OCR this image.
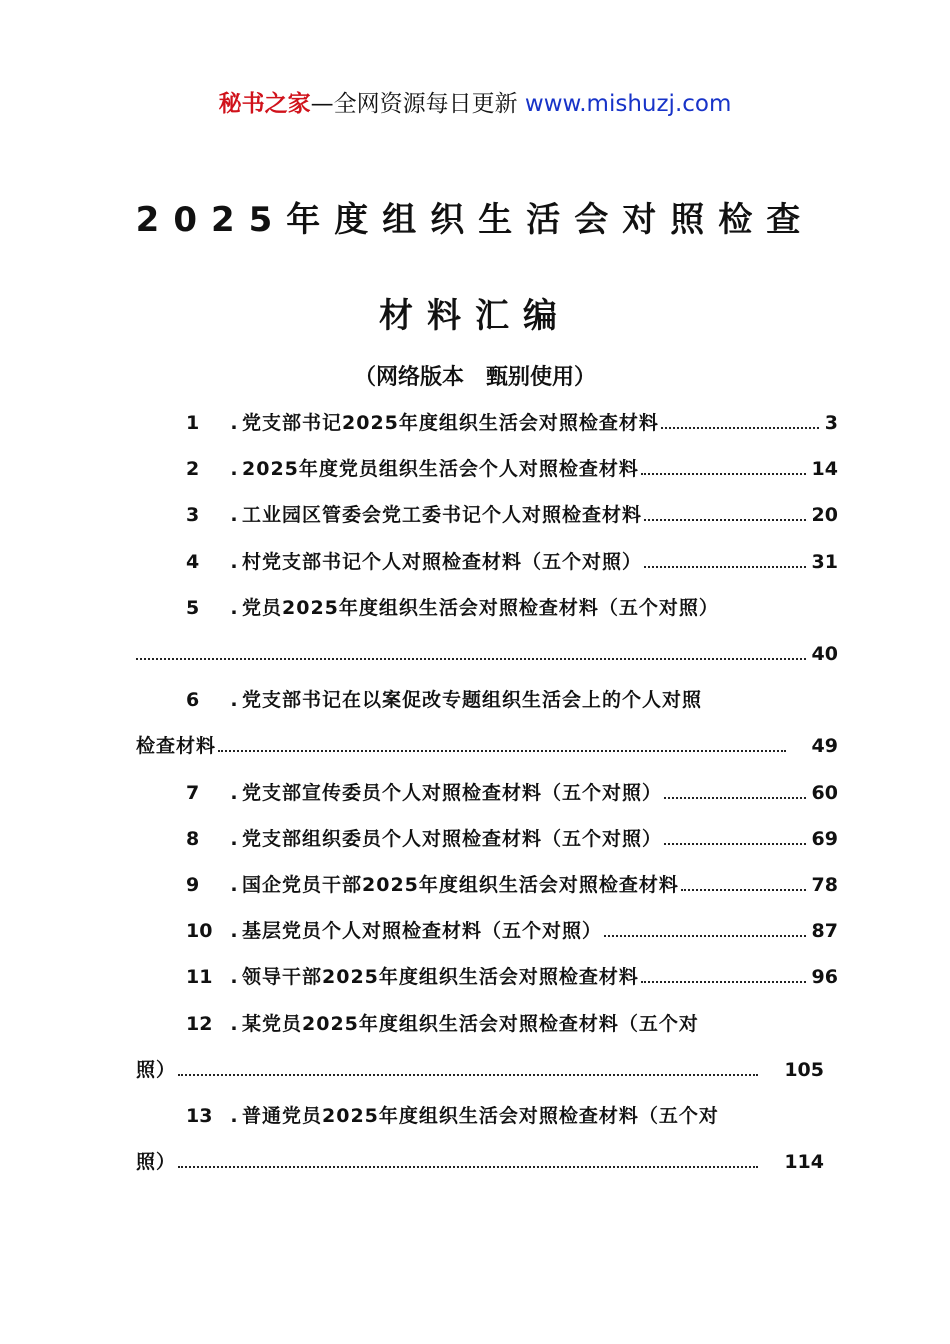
秘书之家—全网资源每日更新 www.mishuzj.com
2025年度组织生活会对照检查
材料汇编
（网络版本　甄别使用）
1	. 党支部书记2025年度组织生活会对照检查材料	3
2	. 2025年度党员组织生活会个人对照检查材料	14
3	. 工业园区管委会党工委书记个人对照检查材料	20
4	. 村党支部书记个人对照检查材料（五个对照）	31
5	. 党员2025年度组织生活会对照检查材料（五个对照）
40
6	. 党支部书记在以案促改专题组织生活会上的个人对照
检查材料	49
7	. 党支部宣传委员个人对照检查材料（五个对照）	60
8	. 党支部组织委员个人对照检查材料（五个对照）	69
9	. 国企党员干部2025年度组织生活会对照检查材料	78
10 . 基层党员个人对照检查材料（五个对照）	87
11 . 领导干部2025年度组织生活会对照检查材料	96
12 . 某党员2025年度组织生活会对照检查材料（五个对
照）	105
13 . 普通党员2025年度组织生活会对照检查材料（五个对
照）	114
